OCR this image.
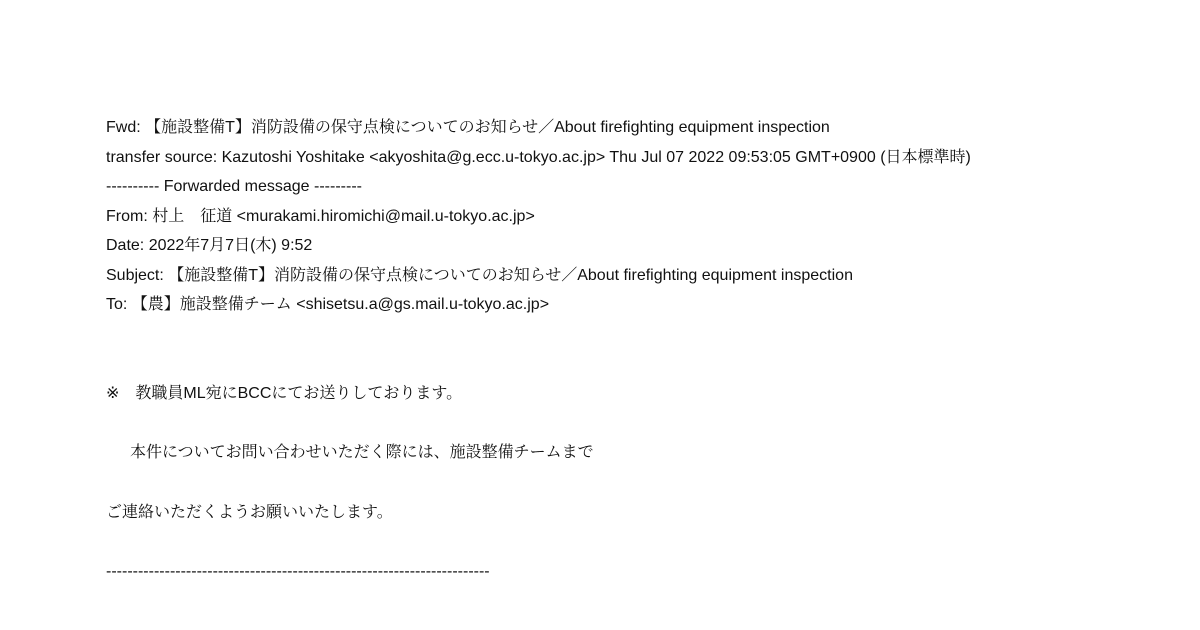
Fwd: 【施設整備T】消防設備の保守点検についてのお知らせ／About firefighting equipment inspection
transfer source: Kazutoshi Yoshitake <akyoshita@g.ecc.u-tokyo.ac.jp> Thu Jul 07 2022 09:53:05 GMT+0900 (日本標準時)
---------- Forwarded message ---------
From: 村上　征道 <murakami.hiromichi@mail.u-tokyo.ac.jp>
Date: 2022年7月7日(木) 9:52
Subject: 【施設整備T】消防設備の保守点検についてのお知らせ／About firefighting equipment inspection
To: 【農】施設整備チーム <shisetsu.a@gs.mail.u-tokyo.ac.jp>
※　教職員ML宛にBCCにてお送りしております。
本件についてお問い合わせいただく際には、施設整備チームまで
ご連絡いただくようお願いいたします。
------------------------------------------------------------------------
